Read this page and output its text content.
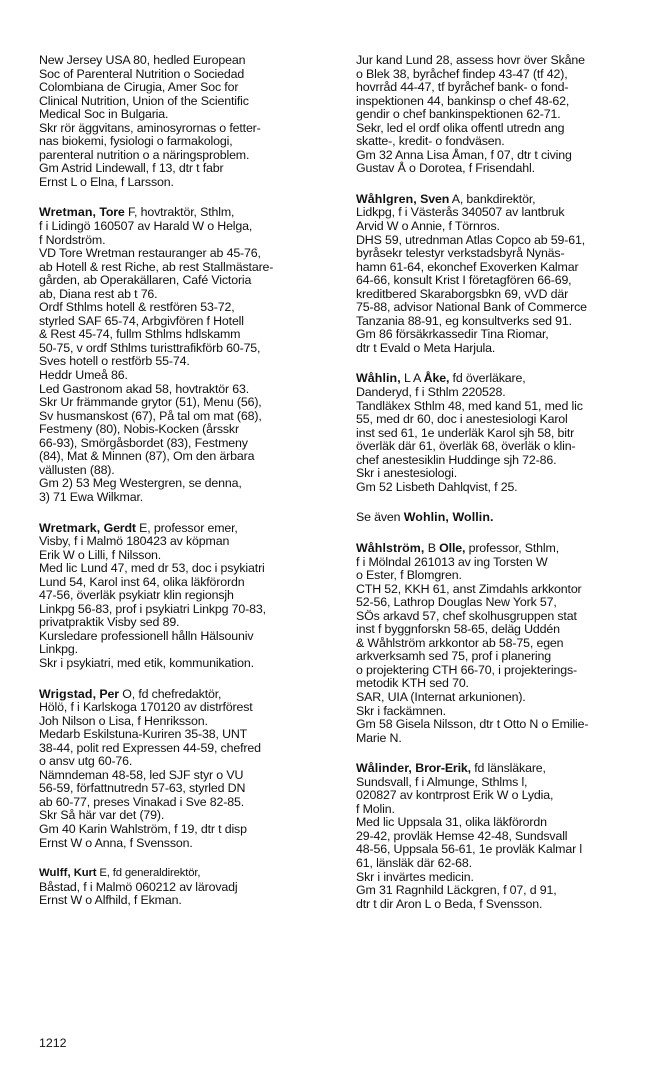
New Jersey USA 80, hedled European
Soc of Parenteral Nutrition o Sociedad
Colombiana de Cirugia, Amer Soc for
Clinical Nutrition, Union of the Scientific
Medical Soc in Bulgaria.
Skr rör äggvitans, aminosyrornas o fetter-
nas biokemi, fysiologi o farmakologi,
parenteral nutrition o a näringsproblem.
Gm Astrid Lindewall, f 13, dtr t fabr
Ernst L o Elna, f Larsson.
Wretman, Tore F, hovtraktör, Sthlm,
f i Lidingö 160507 av Harald W o Helga,
f Nordström.
VD Tore Wretman restauranger ab 45-76,
ab Hotell & rest Riche, ab rest Stallmästare-
gården, ab Operakällaren, Café Victoria
ab, Diana rest ab t 76.
Ordf Sthlms hotell & restfören 53-72,
styrled SAF 65-74, Arbgivfören f Hotell
& Rest 45-74, fullm Sthlms hdlskamm
50-75, v ordf Sthlms turisttrafikförb 60-75,
Sves hotell o restförb 55-74.
Heddr Umeå 86.
Led Gastronom akad 58, hovtraktör 63.
Skr Ur främmande grytor (51), Menu (56),
Sv husmanskost (67), På tal om mat (68),
Festmeny (80), Nobis-Kocken (årsskr
66-93), Smörgåsbordet (83), Festmeny
(84), Mat & Minnen (87), Om den ärbara
vällusten (88).
Gm 2) 53 Meg Westergren, se denna,
3) 71 Ewa Wilkmar.
Wretmark, Gerdt E, professor emer,
Visby, f i Malmö 180423 av köpman
Erik W o Lilli, f Nilsson.
Med lic Lund 47, med dr 53, doc i psykiatri
Lund 54, Karol inst 64, olika läkförordn
47-56, överläk psykiatr klin regionsjh
Linkpg 56-83, prof i psykiatri Linkpg 70-83,
privatpraktik Visby sed 89.
Kursledare professionell hålln Hälsouniv
Linkpg.
Skr i psykiatri, med etik, kommunikation.
Wrigstad, Per O, fd chefredaktör,
Hölö, f i Karlskoga 170120 av distrförest
Joh Nilson o Lisa, f Henriksson.
Medarb Eskilstuna-Kuriren 35-38, UNT
38-44, polit red Expressen 44-59, chefred
o ansv utg 60-76.
Nämndeman 48-58, led SJF styr o VU
56-59, författnutredn 57-63, styrled DN
ab 60-77, preses Vinakad i Sve 82-85.
Skr Så här var det (79).
Gm 40 Karin Wahlström, f 19, dtr t disp
Ernst W o Anna, f Svensson.
Wulff, Kurt E, fd generaldirektör,
Båstad, f i Malmö 060212 av lärovadj
Ernst W o Alfhild, f Ekman.
Jur kand Lund 28, assess hovr över Skåne
o Blek 38, byråchef findep 43-47 (tf 42),
hovrråd 44-47, tf byråchef bank- o fond-
inspektionen 44, bankinsp o chef 48-62,
gendir o chef bankinspektionen 62-71.
Sekr, led el ordf olika offentl utredn ang
skatte-, kredit- o fondväsen.
Gm 32 Anna Lisa Åman, f 07, dtr t civing
Gustav Å o Dorotea, f Frisendahl.
Wåhlgren, Sven A, bankdirektör,
Lidkpg, f i Västerås 340507 av lantbruk
Arvid W o Annie, f Törnros.
DHS 59, utrednman Atlas Copco ab 59-61,
byråsekr telestyr verkstadsbyrå Nynäs-
hamn 61-64, ekonchef Exoverken Kalmar
64-66, konsult Krist I företagfören 66-69,
kreditbered Skaraborgsbkn 69, vVD där
75-88, advisor National Bank of Commerce
Tanzania 88-91, eg konsultverks sed 91.
Gm 86 försäkrkassedir Tina Riomar,
dtr t Evald o Meta Harjula.
Wåhlin, L A Åke, fd överläkare,
Danderyd, f i Sthlm 220528.
Tandläkex Sthlm 48, med kand 51, med lic
55, med dr 60, doc i anestesiologi Karol
inst sed 61, 1e underläk Karol sjh 58, bitr
överläk där 61, överläk 68, överläk o klin-
chef anestesiklin Huddinge sjh 72-86.
Skr i anestesiologi.
Gm 52 Lisbeth Dahlqvist, f 25.
Se även Wohlin, Wollin.
Wåhlström, B Olle, professor, Sthlm,
f i Mölndal 261013 av ing Torsten W
o Ester, f Blomgren.
CTH 52, KKH 61, anst Zimdahls arkkontor
52-56, Lathrop Douglas New York 57,
SÖs arkavd 57, chef skolhusgruppen stat
inst f byggnforskn 58-65, deläg Uddén
& Wåhlström arkkontor ab 58-75, egen
arkverksamh sed 75, prof i planering
o projektering CTH 66-70, i projekterings-
metodik KTH sed 70.
SAR, UIA (Internat arkunionen).
Skr i fackämnen.
Gm 58 Gisela Nilsson, dtr t Otto N o Emilie-
Marie N.
Wålinder, Bror-Erik, fd länsläkare,
Sundsvall, f i Almunge, Sthlms l,
020827 av kontrprost Erik W o Lydia,
f Molin.
Med lic Uppsala 31, olika läkförordn
29-42, provläk Hemse 42-48, Sundsvall
48-56, Uppsala 56-61, 1e provläk Kalmar l
61, länsläk där 62-68.
Skr i invärtes medicin.
Gm 31 Ragnhild Läckgren, f 07, d 91,
dtr t dir Aron L o Beda, f Svensson.
1212
